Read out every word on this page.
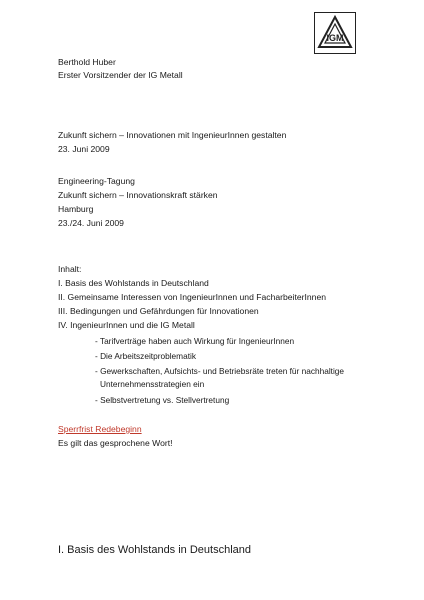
IGM
Berthold Huber
Erster Vorsitzender der IG Metall
Zukunft sichern – Innovationen mit IngenieurInnen gestalten
23. Juni 2009
Engineering-Tagung
Zukunft sichern – Innovationskraft stärken
Hamburg
23./24. Juni 2009
Inhalt:
I. Basis des Wohlstands in Deutschland
II. Gemeinsame Interessen von IngenieurInnen und FacharbeiterInnen
III. Bedingungen und Gefährdungen für Innovationen
IV. IngenieurInnen und die IG Metall
- Tarifverträge haben auch Wirkung für IngenieurInnen
- Die Arbeitszeitproblematik
- Gewerkschaften, Aufsichts- und Betriebsräte treten für nachhaltige
Unternehmensstrategien ein
- Selbstvertretung vs. Stellvertretung
Sperrfrist Redebeginn
Es gilt das gesprochene Wort!
I. Basis des Wohlstands in Deutschland
